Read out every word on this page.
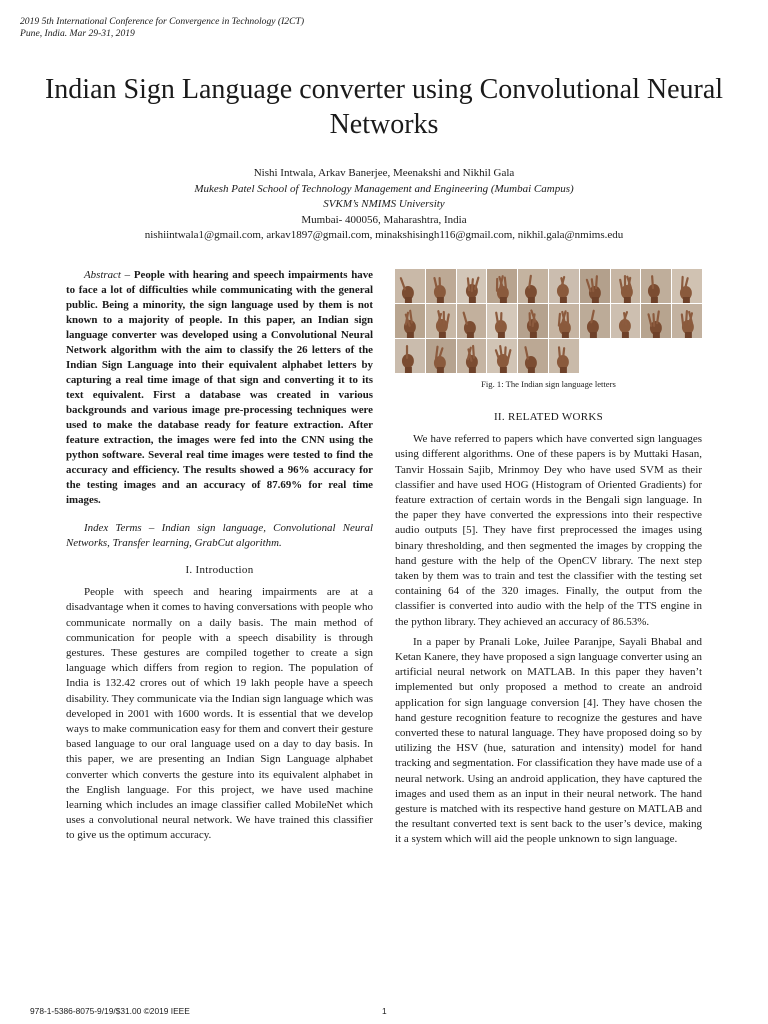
2019 5th International Conference for Convergence in Technology (I2CT)
Pune, India. Mar 29-31, 2019
Indian Sign Language converter using Convolutional Neural Networks
Nishi Intwala, Arkav Banerjee, Meenakshi and Nikhil Gala
Mukesh Patel School of Technology Management and Engineering (Mumbai Campus)
SVKM’s NMIMS University
Mumbai- 400056, Maharashtra, India
nishiintwala1@gmail.com, arkav1897@gmail.com, minakshisingh116@gmail.com, nikhil.gala@nmims.edu

Abstract – People with hearing and speech impairments have to face a lot of difficulties while communicating with the general public. Being a minority, the sign language used by them is not known to a majority of people. In this paper, an Indian sign language converter was developed using a Convolutional Neural Network algorithm with the aim to classify the 26 letters of the Indian Sign Language into their equivalent alphabet letters by capturing a real time image of that sign and converting it to its text equivalent. First a database was created in various backgrounds and various image pre-processing techniques were used to make the database ready for feature extraction. After feature extraction, the images were fed into the CNN using the python software. Several real time images were tested to find the accuracy and efficiency. The results showed a 96% accuracy for the testing images and an accuracy of 87.69% for real time images.

Index Terms – Indian sign language, Convolutional Neural Networks, Transfer learning, GrabCut algorithm.

I. Introduction

People with speech and hearing impairments are at a disadvantage when it comes to having conversations with people who communicate normally on a daily basis. The main method of communication for people with a speech disability is through gestures. These gestures are compiled together to create a sign language which differs from region to region. The population of India is 132.42 crores out of which 19 lakh people have a speech disability. They communicate via the Indian sign language which was developed in 2001 with 1600 words. It is essential that we develop ways to make communication easy for them and convert their gesture based language to our oral language used on a day to day basis. In this paper, we are presenting an Indian Sign Language alphabet converter which converts the gesture into its equivalent alphabet in the English language. For this project, we have used machine learning which includes an image classifier called MobileNet which uses a convolutional neural network. We have trained this classifier to give us the optimum accuracy.

Fig. 1: The Indian sign language letters
II. RELATED WORKS

We have referred to papers which have converted sign languages using different algorithms. One of these papers is by Muttaki Hasan, Tanvir Hossain Sajib, Mrinmoy Dey who have used SVM as their classifier and have used HOG (Histogram of Oriented Gradients) for feature extraction of certain words in the Bengali sign language. In the paper they have converted the expressions into their respective audio outputs [5]. They have first preprocessed the images using binary thresholding, and then segmented the images by cropping the hand gesture with the help of the OpenCV library. The next step taken by them was to train and test the classifier with the testing set containing 64 of the 320 images. Finally, the output from the classifier is converted into audio with the help of the TTS engine in the python library. They achieved an accuracy of 86.53%.

In a paper by Pranali Loke, Juilee Paranjpe, Sayali Bhabal and Ketan Kanere, they have proposed a sign language converter using an artificial neural network on MATLAB. In this paper they haven’t implemented but only proposed a method to create an android application for sign language conversion [4]. They have chosen the hand gesture recognition feature to recognize the gestures and have converted these to natural language. They have proposed doing so by utilizing the HSV (hue, saturation and intensity) model for hand tracking and segmentation. For classification they have made use of a neural network. Using an android application, they have captured the images and used them as an input in their neural network. The hand gesture is matched with its respective hand gesture on MATLAB and the resultant converted text is sent back to the user’s device, making it a system which will aid the people unknown to sign language.

978-1-5386-8075-9/19/$31.00 ©2019 IEEE	1
